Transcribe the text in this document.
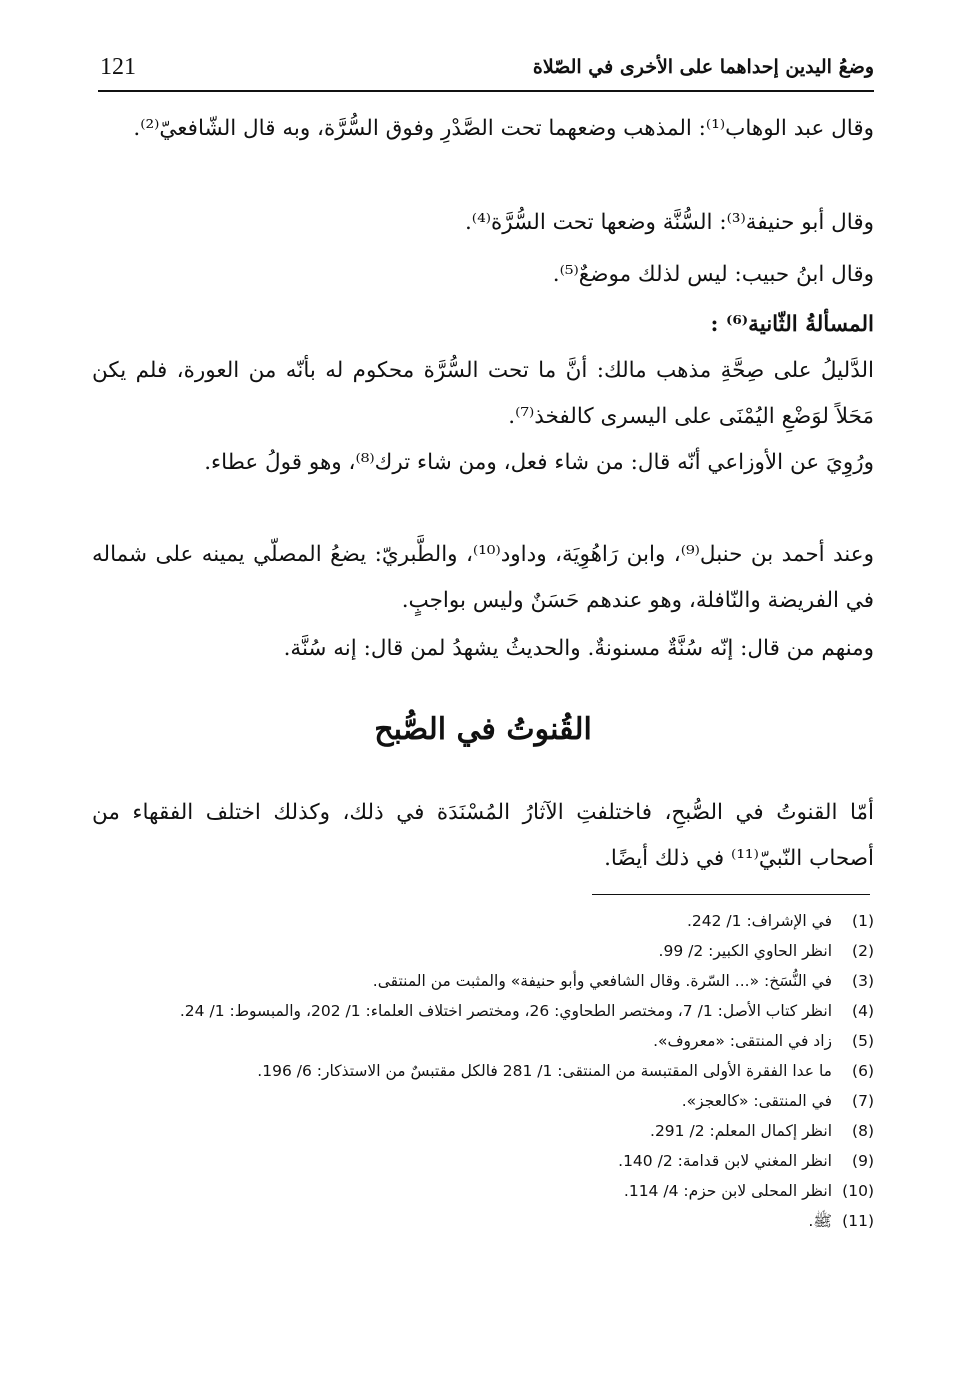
121	وضعُ اليدين إحداهما على الأخرى في الصّلاة
وقال عبد الوهاب⁽¹⁾: المذهب وضعهما تحت الصَّدْرِ وفوق السُّرَّة، وبه قال الشّافعيّ⁽²⁾.
وقال أبو حنيفة⁽³⁾: السُّنَّة وضعها تحت السُّرَّة⁽⁴⁾.
وقال ابنُ حبيب: ليس لذلك موضعٌ⁽⁵⁾.
المسألةُ الثّانية⁽⁶⁾ :
الدَّليلُ على صِحَّةِ مذهب مالك: أنَّ ما تحت السُّرَّة محكوم له بأنّه من العورة، فلم يكن مَحَلاً لوَضْعِ اليُمْنَى على اليسرى كالفخذ⁽⁷⁾.
ورُوِيَ عن الأوزاعي أنّه قال: من شاء فعل، ومن شاء ترك⁽⁸⁾، وهو قولُ عطاء.
وعند أحمد بن حنبل⁽⁹⁾، وابن رَاهُوِيَة، وداود⁽¹⁰⁾، والطَّبريّ: يضعُ المصلّي يمينه على شماله في الفريضة والنّافلة، وهو عندهم حَسَنٌ وليس بواجبٍ.
ومنهم من قال: إنّه سُنَّةٌ مسنونةٌ. والحديثُ يشهدُ لمن قال: إنه سُنَّة.
القُنوتُ في الصُّبح
أمّا القنوتُ في الصُّبحِ، فاختلفتِ الآثارُ المُسْنَدَة في ذلك، وكذلك اختلف الفقهاء من أصحاب النّبيّ⁽¹¹⁾ في ذلك أيضًا.
(1)
في الإشراف: 1/ 242.
(2)
انظر الحاوي الكبير: 2/ 99.
(3)
في النُّسَخ: «... السّرة. وقال الشافعي وأبو حنيفة» والمثبت من المنتقى.
(4)
انظر كتاب الأصل: 1/ 7، ومختصر الطحاوي: 26، ومختصر اختلاف العلماء: 1/ 202، والمبسوط: 1/ 24.
(5)
زاد في المنتقى: «معروف».
(6)
ما عدا الفقرة الأولى المقتبسة من المنتقى: 1/ 281 فالكل مقتبسٌ من الاستذكار: 6/ 196.
(7)
في المنتقى: «كالعجز».
(8)
انظر إكمال المعلم: 2/ 291.
(9)
انظر المغني لابن قدامة: 2/ 140.
(10)
انظر المحلى لابن حزم: 4/ 114.
(11)
ﷺ.
